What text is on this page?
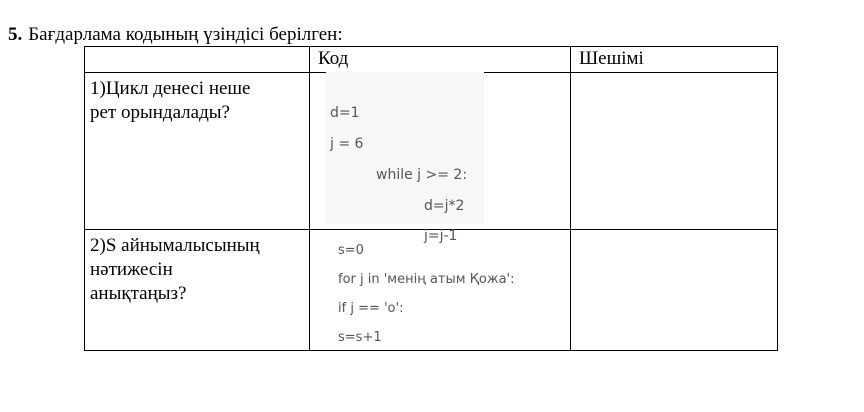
5. Бағдарлама кодының үзіндісі берілген:

	Код	Шешімі

1)Цикл денесі неше
рет орындалады?	d=1
j = 6
while j >= 2:
d=j*2
j=j-1	

2)S айнымалысының
нәтижесін
анықтаңыз?	s=0
for j in 'менің атым Қожа':
if j == 'o':
s=s+1	
